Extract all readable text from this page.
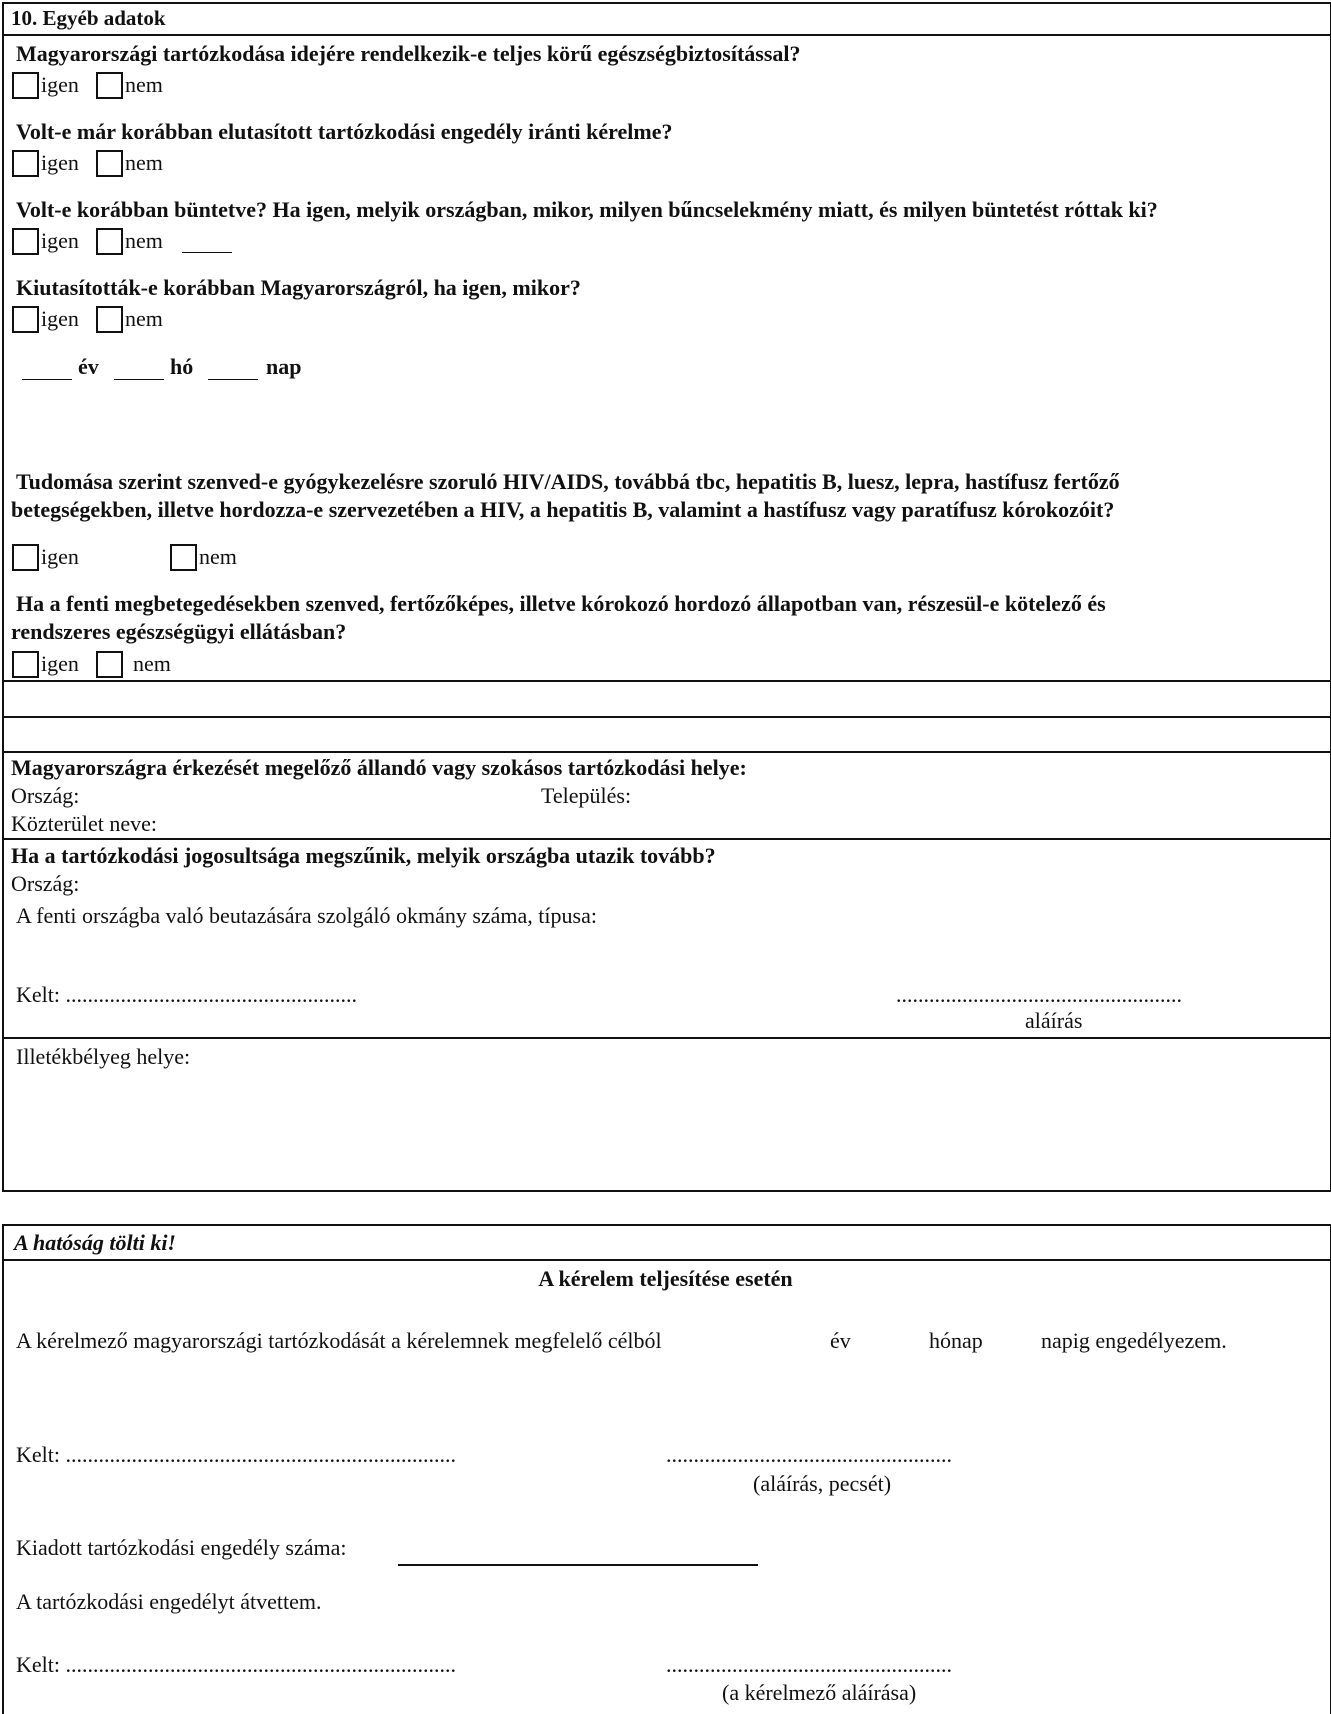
10. Egyéb adatok
Magyarországi tartózkodása idejére rendelkezik-e teljes körű egészségbiztosítással?
igen nem
Volt-e már korábban elutasított tartózkodási engedély iránti kérelme?
igen nem
Volt-e korábban büntetve? Ha igen, melyik országban, mikor, milyen bűncselekmény miatt, és milyen büntetést róttak ki?
igen nem
Kiutasították-e korábban Magyarországról, ha igen, mikor?
igen nem
év	hó	nap
Tudomása szerint szenved-e gyógykezelésre szoruló HIV/AIDS, továbbá tbc, hepatitis B, luesz, lepra, hastífusz fertőző
betegségekben, illetve hordozza-e szervezetében a HIV, a hepatitis B, valamint a hastífusz vagy paratífusz kórokozóit?
igen	nem
Ha a fenti megbetegedésekben szenved, fertőzőképes, illetve kórokozó hordozó állapotban van, részesül-e kötelező és
rendszeres egészségügyi ellátásban?
igen nem
Magyarországra érkezését megelőző állandó vagy szokásos tartózkodási helye:
Ország:	Település:
Közterület neve:
Ha a tartózkodási jogosultsága megszűnik, melyik országba utazik tovább?
Ország:
A fenti országba való beutazására szolgáló okmány száma, típusa:
Kelt: .....................................................	....................................................
aláírás
Illetékbélyeg helye:
A hatóság tölti ki!
A kérelem teljesítése esetén
A kérelmező magyarországi tartózkodását a kérelemnek megfelelő célból	év	hónap	napig engedélyezem.
Kelt: .......................................................................	....................................................
(aláírás, pecsét)
Kiadott tartózkodási engedély száma:
A tartózkodási engedélyt átvettem.
Kelt: .......................................................................	....................................................
(a kérelmező aláírása)
